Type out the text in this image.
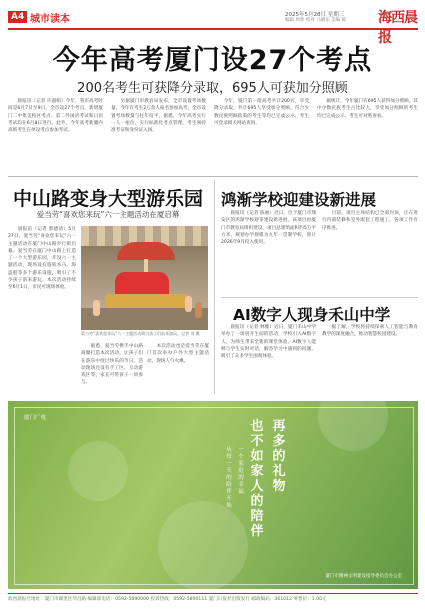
A4 城市读本	2025年5月28日 星期三
编辑 周欣 校对 马晓东 美编 陈 海西晨报
今年高考厦门设27个考点
200名考生可获降分录取，695人可获加分照顾
晨报讯（记者 许淑娟）今年，我市高考时间是6月7日至9日，全市设27个考点，新增厦门二中集美校区考点。第二外国语考试和日语考试均在6月8日进行。此外，今年高考新疆内高班考生在单设考点参加考试。
另据厦门市教育局发布，全市设置考场数量，今年有考生2万余人报名参加高考，全市设置考场数量与往年持平。据悉，今年高考实行一人一座位，实行标准化考点管理，考生须持准考证和身份证入场。
今年，厦门第一批高考共计200名，享受降分录取，共计695人享受加分照顾。符合少数民族照顾政策的考生等均已完成公示，考生可登录相关网站查询。
据统计，今年厦门有695人获得加分照顾，其中少数民族考生占比较大，享受加分照顾的考生均已完成公示，考生可对照查看。
中山路变身大型游乐园
爱当劳“喜欢您来玩”六一主题活动在厦启幕
晨报讯（记者 郭德清）5月27日，爱当劳“喜欢您来玩”六一主题活动在厦门中山路步行街启幕。爱当劳在厦门中山路上打造了一个大型游乐园，开设六一主题活动，现场设有旋转木马、海盗船等多个游乐设施，吸引了不少孩子前来游玩。本次活动持续至6月1日，市民可现场体验。
爱当劳“喜欢您来玩”六一主题活动吸引孩子们前来游玩。记者 刘 摄
据悉，爱当劳携手中山路商圈打造本次活动，让孩子们在游乐中度过快乐的节日。活动现场还设有手工区、互动游戏区等，家长可带孩子一同参与。
本次活动也是爱当劳在厦门首次举办户外大型主题活动，现场人气火爆。
鸿渐学校迎建设新进展
晨报讯（记者 陈丽）近日，位于厦门市翔安区的鸿渐学校迎来建设新进展。该项目由厦门市教育局组织建设，项目总建筑面积约5万平方米，规划办学规模为九年一贯制学校，预计2026年9月投入使用。
目前，项目主体结构已全部封顶，正在进行内部装修和室外配套工程施工，各项工作有序推进。
AI数字人现身禾山中学
晨报讯（记者 林雅）近日，厦门禾山中学举办了一场别开生面的活动，学校引入AI数字人，为师生带来全新的课堂体验。AI数字人能够与学生实时对话，解答学习中遇到的问题，吸引了众多学生围观体验。
据了解，学校将持续探索人工智能与教育教学的深度融合，推动智慧校园建设。
厦门广电
再多的礼物
也不如家人的陪伴
一个家庭的幸福
从每一天的陪伴开始
厦门市精神文明建设指导委员会办公室
海西晨报社地址：厦门市湖里区华昌路 编辑部电话：0592-5890000 投诉热线：0592-5890111 厦门日报社出版发行 邮政编码：361012 零售价：1.00元
